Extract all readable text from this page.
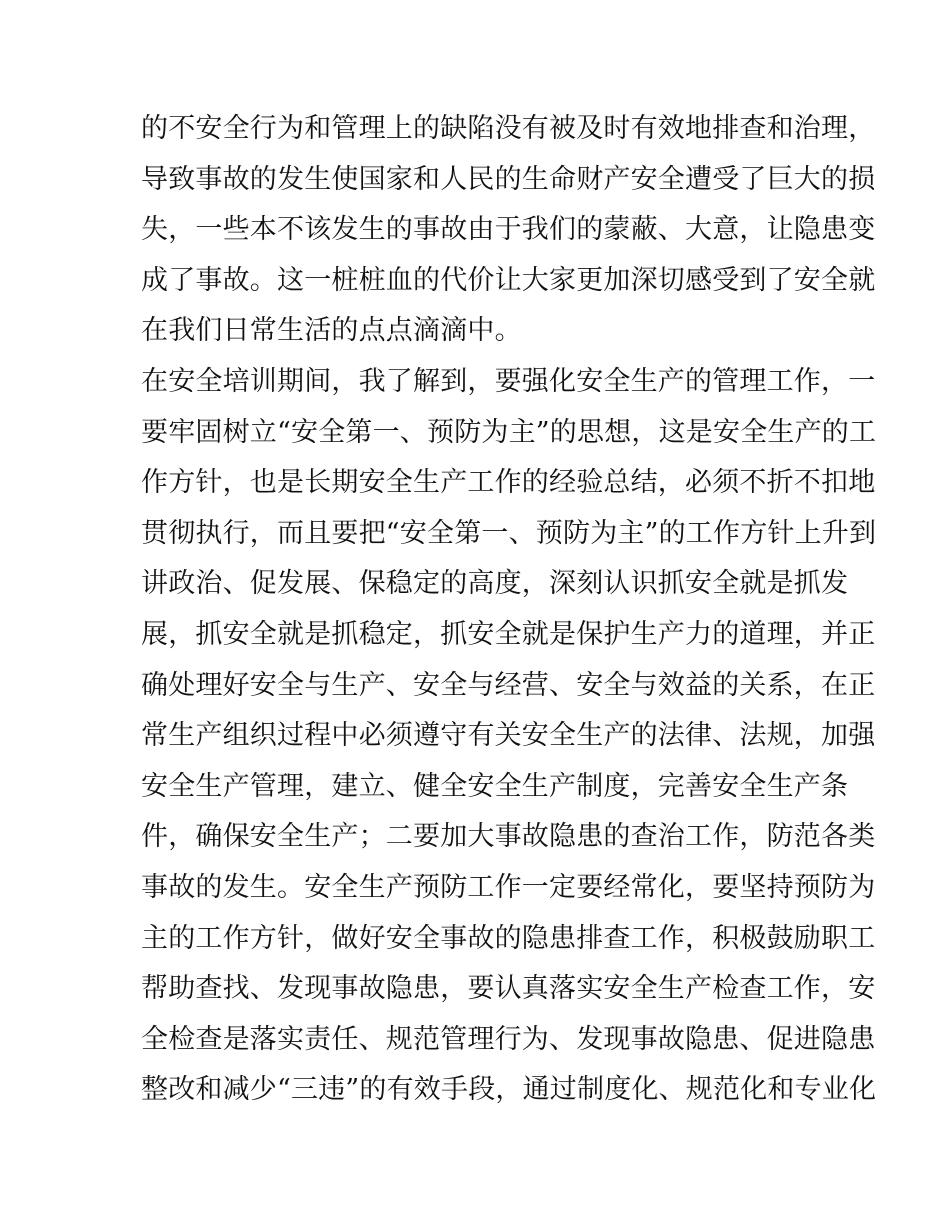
的不安全行为和管理上的缺陷没有被及时有效地排查和治理，
导致事故的发生使国家和人民的生命财产安全遭受了巨大的损
失，一些本不该发生的事故由于我们的蒙蔽、大意，让隐患变
成了事故。这一桩桩血的代价让大家更加深切感受到了安全就
在我们日常生活的点点滴滴中。
在安全培训期间，我了解到，要强化安全生产的管理工作，一
要牢固树立“安全第一、预防为主”的思想，这是安全生产的工
作方针，也是长期安全生产工作的经验总结，必须不折不扣地
贯彻执行，而且要把“安全第一、预防为主”的工作方针上升到
讲政治、促发展、保稳定的高度，深刻认识抓安全就是抓发
展，抓安全就是抓稳定，抓安全就是保护生产力的道理，并正
确处理好安全与生产、安全与经营、安全与效益的关系，在正
常生产组织过程中必须遵守有关安全生产的法律、法规，加强
安全生产管理，建立、健全安全生产制度，完善安全生产条
件，确保安全生产；二要加大事故隐患的查治工作，防范各类
事故的发生。安全生产预防工作一定要经常化，要坚持预防为
主的工作方针，做好安全事故的隐患排查工作，积极鼓励职工
帮助查找、发现事故隐患，要认真落实安全生产检查工作，安
全检查是落实责任、规范管理行为、发现事故隐患、促进隐患
整改和减少“三违”的有效手段，通过制度化、规范化和专业化
